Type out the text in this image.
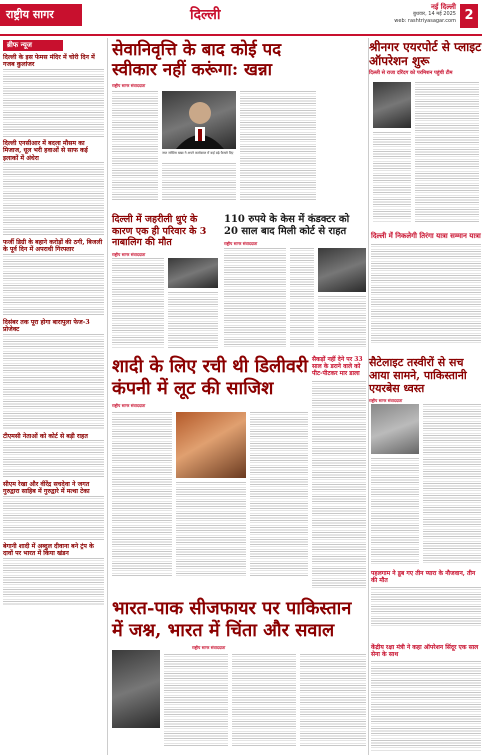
राष्ट्रीय सागर	दिल्ली	नई दिल्ली
बुधवार, 14 मई 2025
web: rashtriyasagar.com 2
ब्रीफ न्यूज
दिल्ली के इस फेमस मंदिर में चोरी दिन में गजब कुलांजर
दिल्ली एनसीआर में बदला मौसम का मिजाज, धूल भरी हवाओं से साफ कई इलाकों में अंधेरा
फर्जी डिग्री के बहाने करोड़ों की ठगी, बिजली के पूर्व दिन में अपराधी गिरफ्तार
दिसंबर तक पूरा होगा बारापुला फेज-3 प्रोजेक्ट
टीएमसी नेताओं को कोर्ट से बड़ी राहत
सीएम रेखा और वीरेंद्र सचदेवा ने जगत गुरुद्वारा साहिब में गुरुद्वारे में मत्था टेका
बेगानी शादी में अब्दुल दीवाना बने ट्रंप के दावों पर भारत में किया खंडन
सेवानिवृत्ति के बाद कोई पद स्वीकार नहीं करूंगा: खन्ना
राष्ट्रीय सागर संवाददाता
जज जस्टिस खन्ना ने अपने कार्यकाल में कई बड़े फैसले दिए
दिल्ली में जहरीली धुएं के कारण एक ही परिवार के 3 नाबालिग की मौत
राष्ट्रीय सागर संवाददाता
110 रुपये के केस में कंडक्टर को 20 साल बाद मिली कोर्ट से राहत
राष्ट्रीय सागर संवाददाता
शादी के लिए रची थी डिलीवरी कंपनी में लूट की साजिश
राष्ट्रीय सागर संवाददाता
सैकड़ों नहीं देने पर 33 साल के डराने वाले को पीट-पीटकर मार डाला
भारत-पाक सीजफायर पर पाकिस्तान में जश्न, भारत में चिंता और सवाल
राष्ट्रीय सागर संवाददाता
श्रीनगर एयरपोर्ट से प्लाइट ऑपरेशन शुरू
दिल्ली से राजा दरिंदग को परमिशन पहुंची टीम
दिल्ली में निकलेगी तिरंगा यात्रा सम्मान यात्रा
सैटेलाइट तस्वीरों से सच आया सामने, पाकिस्तानी एयरबेस ध्वस्त
राष्ट्रीय सागर संवाददाता
पहलगाम ने डूब गए तीन प्यारा के नौजवान, तीन की मौत
केंद्रीय रक्षा मंत्री ने कहा ऑपरेशन सिंदूर एक साल सेना के साथ
